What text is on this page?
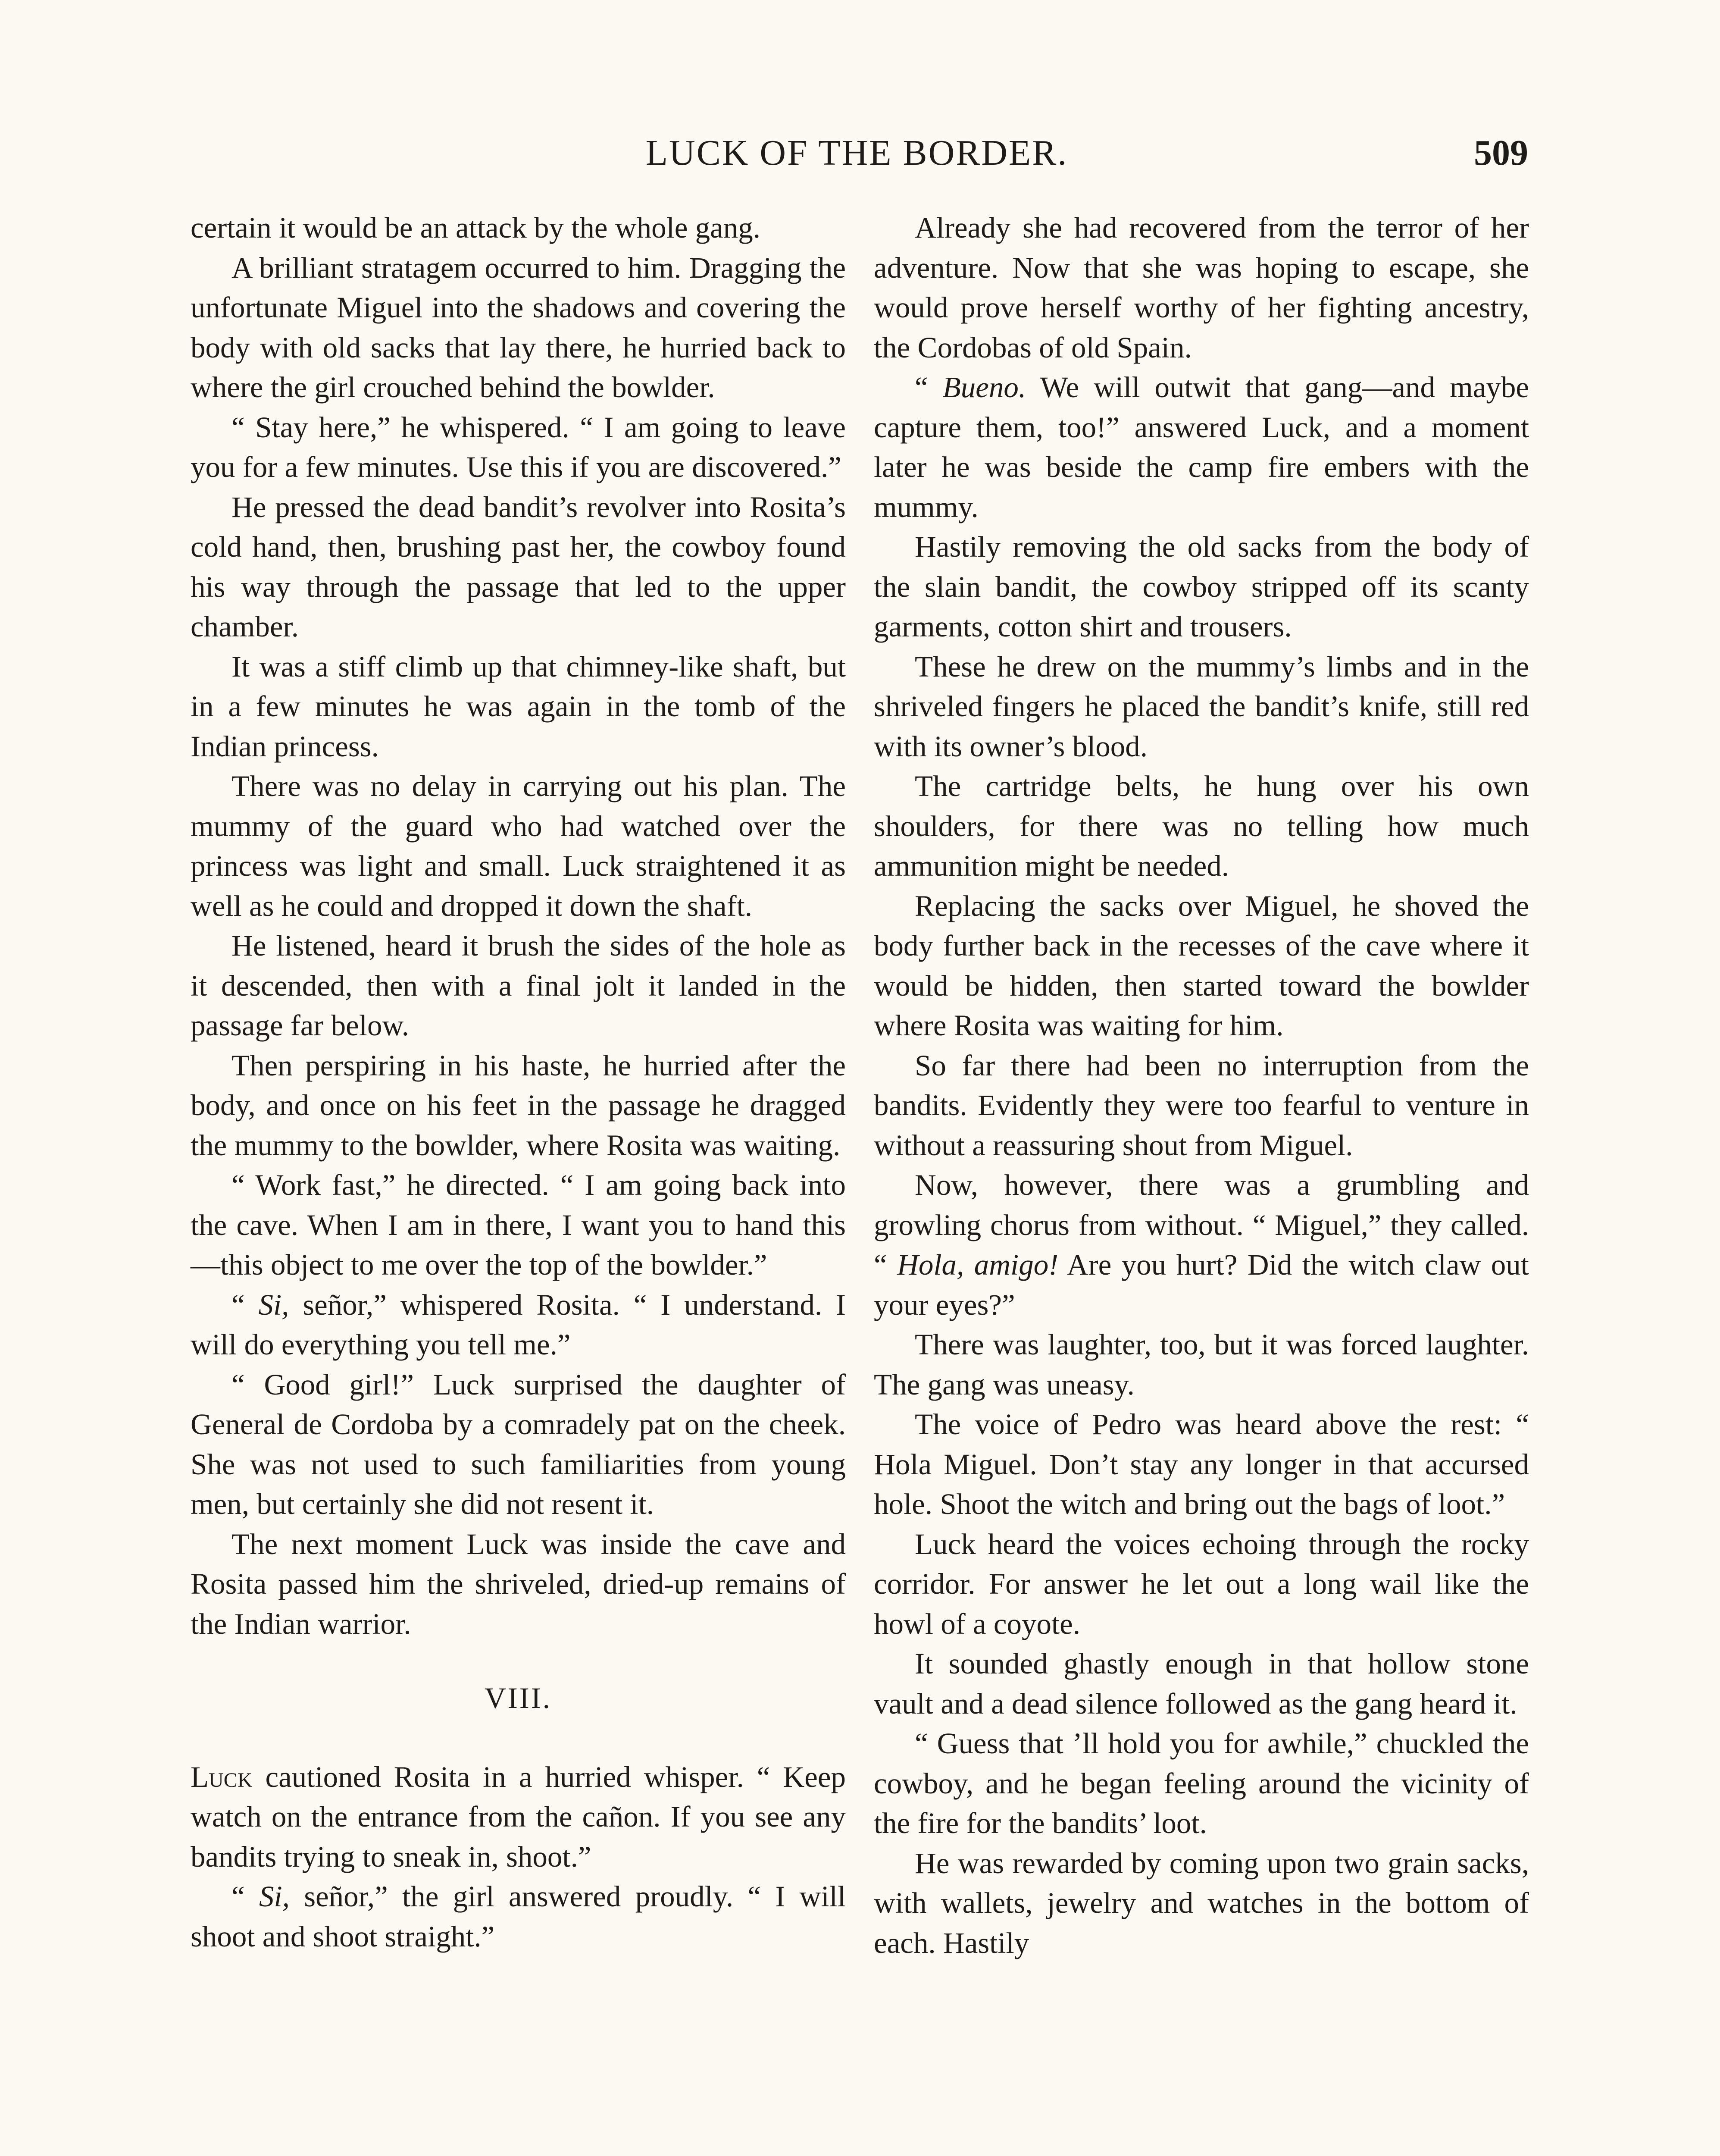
LUCK OF THE BORDER.	509

certain it would be an attack by the whole gang.

A brilliant stratagem occurred to him. Dragging the unfortunate Miguel into the shadows and covering the body with old sacks that lay there, he hurried back to where the girl crouched behind the bowlder.

“ Stay here,” he whispered. “ I am going to leave you for a few minutes. Use this if you are discovered.”

He pressed the dead bandit’s revolver into Rosita’s cold hand, then, brushing past her, the cowboy found his way through the passage that led to the upper chamber.

It was a stiff climb up that chimney-like shaft, but in a few minutes he was again in the tomb of the Indian princess.

There was no delay in carrying out his plan. The mummy of the guard who had watched over the princess was light and small. Luck straightened it as well as he could and dropped it down the shaft.

He listened, heard it brush the sides of the hole as it descended, then with a final jolt it landed in the passage far below.

Then perspiring in his haste, he hurried after the body, and once on his feet in the passage he dragged the mummy to the bowlder, where Rosita was waiting.

“ Work fast,” he directed. “ I am going back into the cave. When I am in there, I want you to hand this—this object to me over the top of the bowlder.”

“ Si, señor,” whispered Rosita. “ I understand. I will do everything you tell me.”

“ Good girl!” Luck surprised the daughter of General de Cordoba by a comradely pat on the cheek. She was not used to such familiarities from young men, but certainly she did not resent it.

The next moment Luck was inside the cave and Rosita passed him the shriveled, dried-up remains of the Indian warrior.

VIII.

Luck cautioned Rosita in a hurried whisper. “ Keep watch on the entrance from the cañon. If you see any bandits trying to sneak in, shoot.”

“ Si, señor,” the girl answered proudly. “ I will shoot and shoot straight.”

Already she had recovered from the terror of her adventure. Now that she was hoping to escape, she would prove herself worthy of her fighting ancestry, the Cordobas of old Spain.

“ Bueno. We will outwit that gang—and maybe capture them, too!” answered Luck, and a moment later he was beside the camp fire embers with the mummy.

Hastily removing the old sacks from the body of the slain bandit, the cowboy stripped off its scanty garments, cotton shirt and trousers.

These he drew on the mummy’s limbs and in the shriveled fingers he placed the bandit’s knife, still red with its owner’s blood.

The cartridge belts, he hung over his own shoulders, for there was no telling how much ammunition might be needed.

Replacing the sacks over Miguel, he shoved the body further back in the recesses of the cave where it would be hidden, then started toward the bowlder where Rosita was waiting for him.

So far there had been no interruption from the bandits. Evidently they were too fearful to venture in without a reassuring shout from Miguel.

Now, however, there was a grumbling and growling chorus from without. “ Miguel,” they called. “ Hola, amigo! Are you hurt? Did the witch claw out your eyes?”

There was laughter, too, but it was forced laughter. The gang was uneasy.

The voice of Pedro was heard above the rest: “ Hola Miguel. Don’t stay any longer in that accursed hole. Shoot the witch and bring out the bags of loot.”

Luck heard the voices echoing through the rocky corridor. For answer he let out a long wail like the howl of a coyote.

It sounded ghastly enough in that hollow stone vault and a dead silence followed as the gang heard it.

“ Guess that ’ll hold you for awhile,” chuckled the cowboy, and he began feeling around the vicinity of the fire for the bandits’ loot.

He was rewarded by coming upon two grain sacks, with wallets, jewelry and watches in the bottom of each. Hastily
